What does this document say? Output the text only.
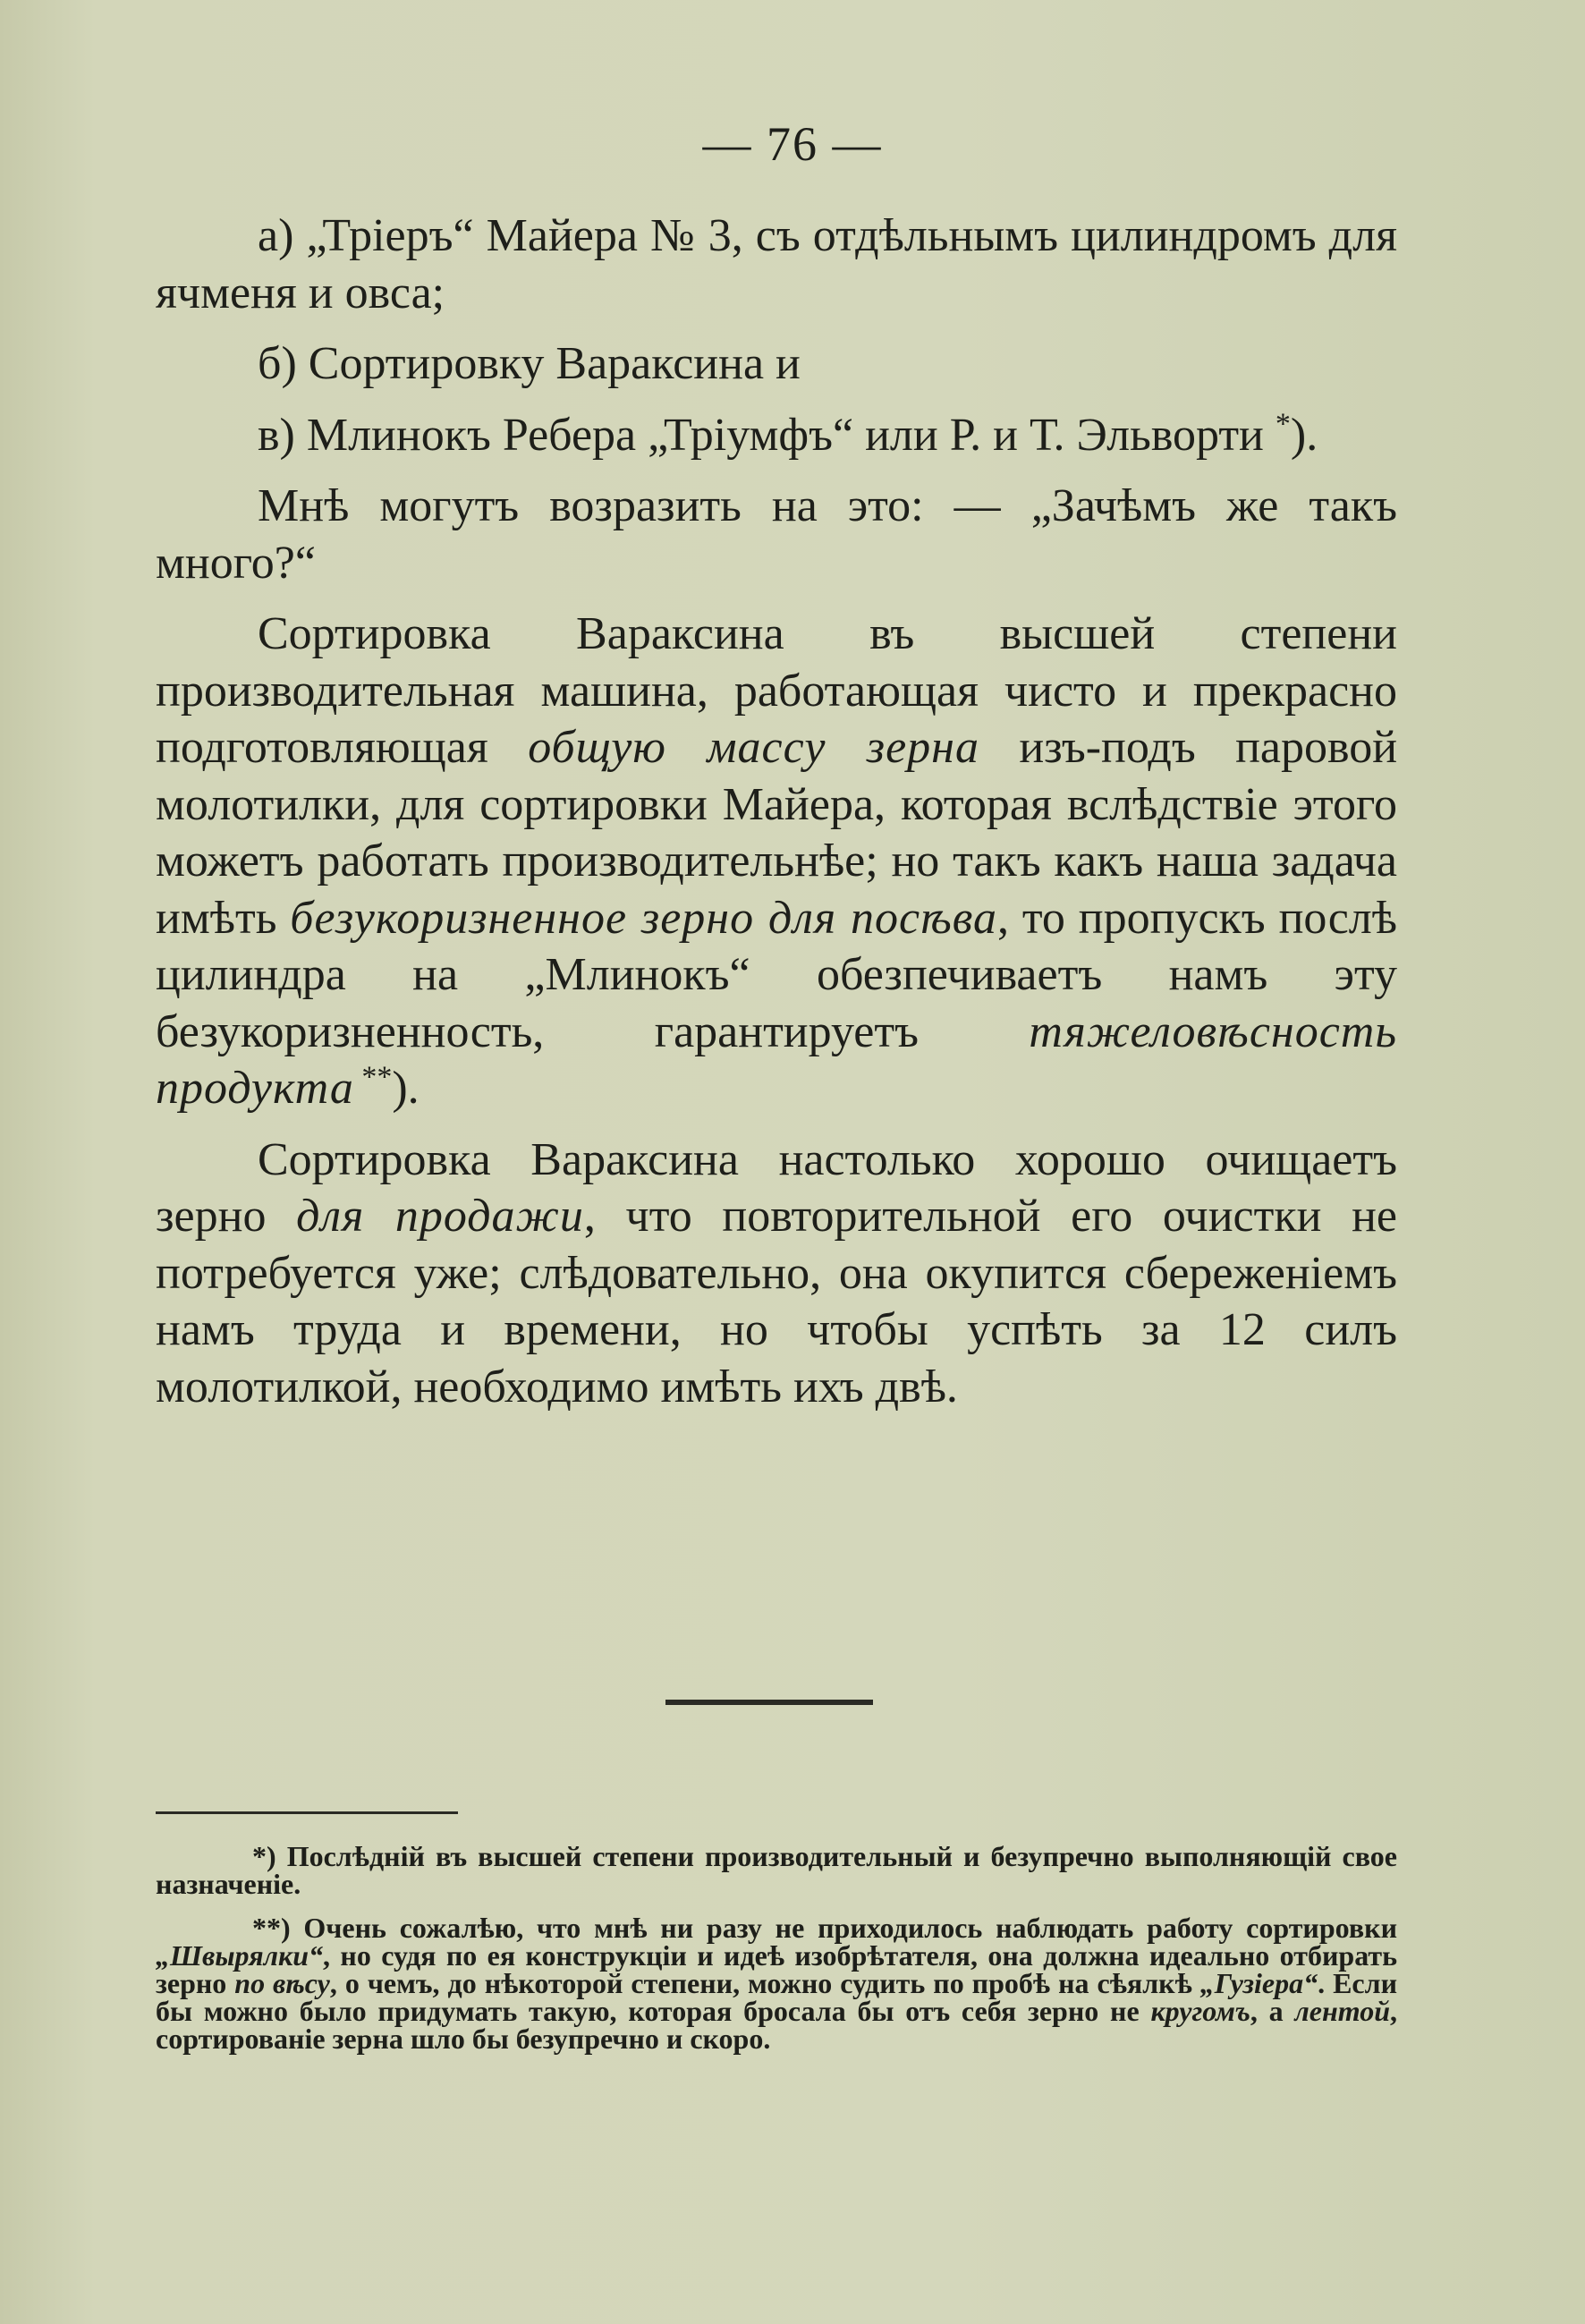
— 76 —

а) „Тріеръ“ Майера № 3, съ отдѣльнымъ цилиндромъ для ячменя и овса;

б) Сортировку Вараксина и

в) Млинокъ Ребера „Тріумфъ“ или Р. и Т. Эльворти *).

Мнѣ могутъ возразить на это: — „Зачѣмъ же такъ много?“

Сортировка Вараксина въ высшей степени производительная машина, работающая чисто и прекрасно подготовляющая общую массу зерна изъ-подъ паровой молотилки, для сортировки Майера, которая вслѣдствіе этого можетъ работать производительнѣе; но такъ какъ наша задача имѣть безукоризненное зерно для посѣва, то пропускъ послѣ цилиндра на „Млинокъ“ обезпечиваетъ намъ эту безукоризненность, гарантируетъ тяжеловѣсность продукта **).

Сортировка Вараксина настолько хорошо очищаетъ зерно для продажи, что повторительной его очистки не потребуется уже; слѣдовательно, она окупится сбереженіемъ намъ труда и времени, но чтобы успѣть за 12 силъ молотилкой, необходимо имѣть ихъ двѣ.

*) Послѣдній въ высшей степени производительный и безупречно выполняющій свое назначеніе.

**) Очень сожалѣю, что мнѣ ни разу не приходилось наблюдать работу сортировки „Швырялки“, но судя по ея конструкціи и идеѣ изобрѣтателя, она должна идеально отбирать зерно по вѣсу, о чемъ, до нѣкоторой степени, можно судить по пробѣ на сѣялкѣ „Гузіера“. Если бы можно было придумать такую, которая бросала бы отъ себя зерно не кругомъ, а лентой, сортированіе зерна шло бы безупречно и скоро.
